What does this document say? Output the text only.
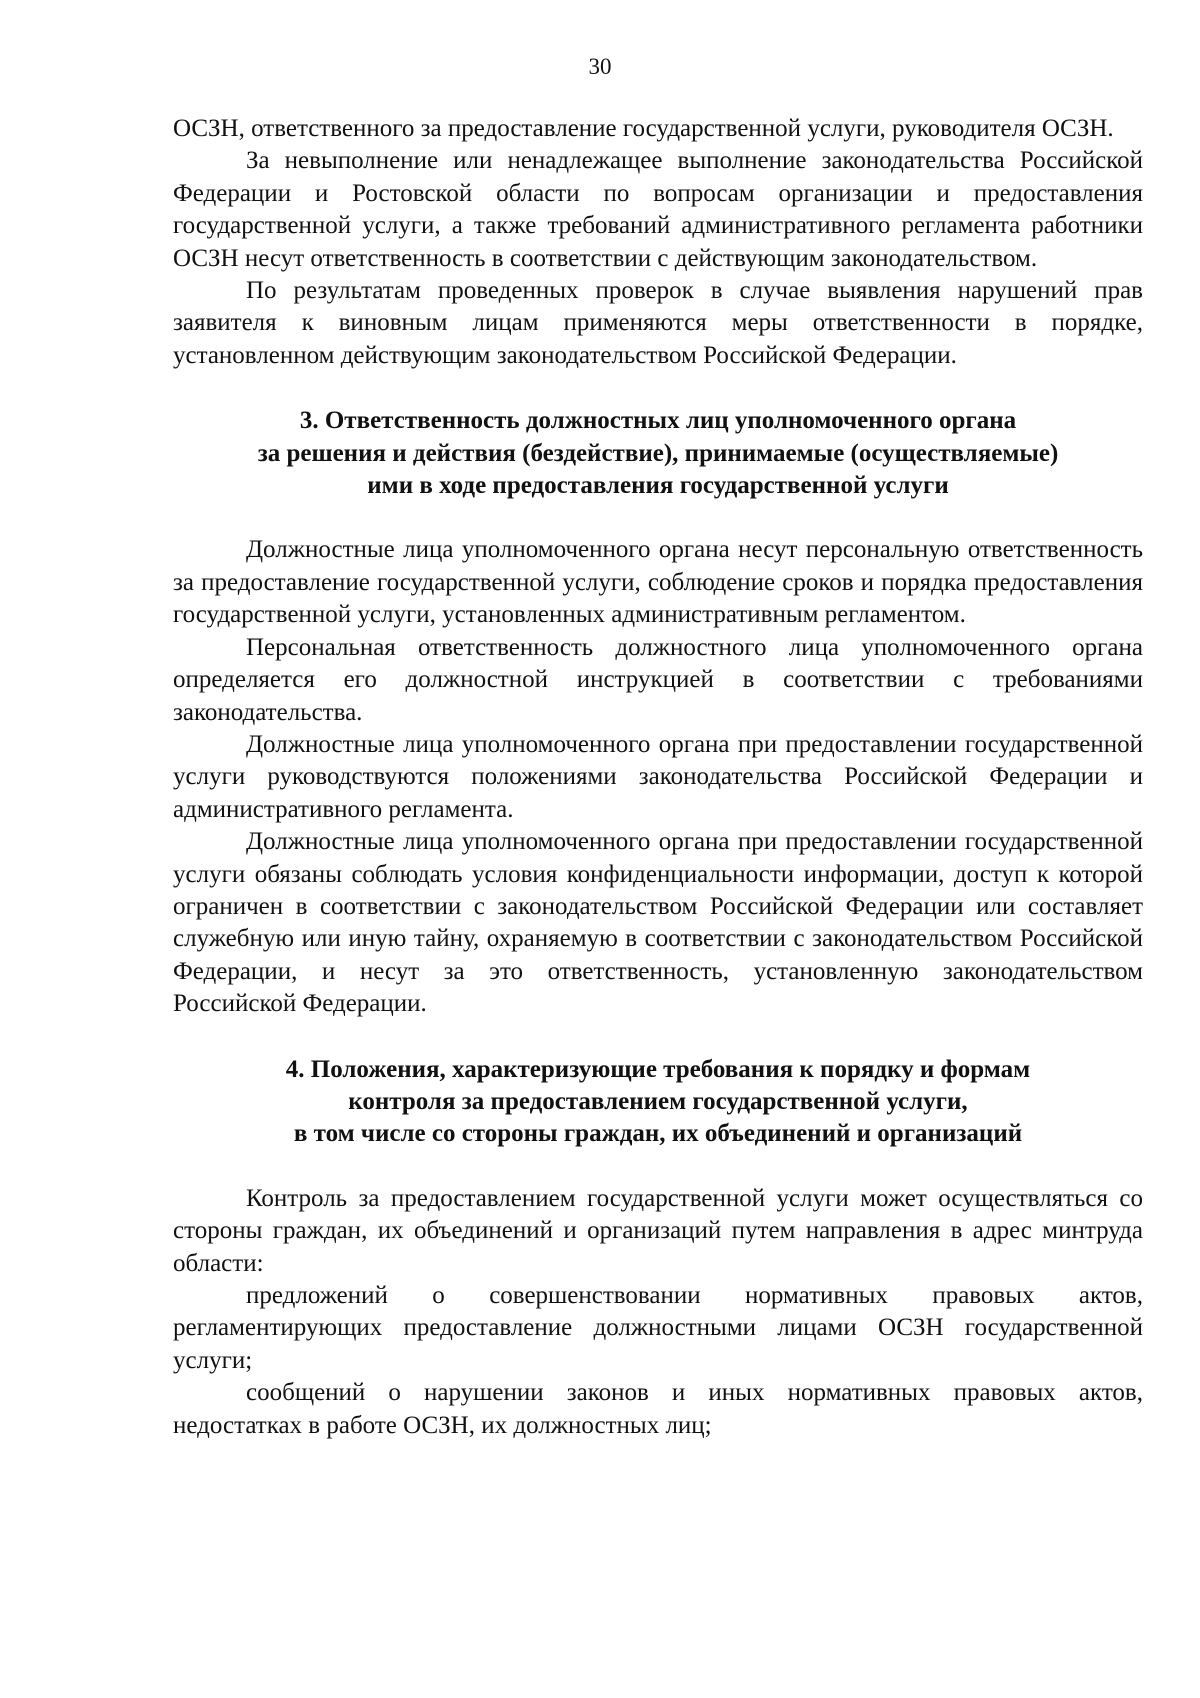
30

ОСЗН, ответственного за предоставление государственной услуги, руководителя ОСЗН.

За невыполнение или ненадлежащее выполнение законодательства Российской Федерации и Ростовской области по вопросам организации и предоставления государственной услуги, а также требований административного регламента работники ОСЗН несут ответственность в соответствии с действующим законодательством.

По результатам проведенных проверок в случае выявления нарушений прав заявителя к виновным лицам применяются меры ответственности в порядке, установленном действующим законодательством Российской Федерации.

3. Ответственность должностных лиц уполномоченного органа
за решения и действия (бездействие), принимаемые (осуществляемые)
ими в ходе предоставления государственной услуги

Должностные лица уполномоченного органа несут персональную ответственность за предоставление государственной услуги, соблюдение сроков и порядка предоставления государственной услуги, установленных административным регламентом.

Персональная ответственность должностного лица уполномоченного органа определяется его должностной инструкцией в соответствии с требованиями законодательства.

Должностные лица уполномоченного органа при предоставлении государственной услуги руководствуются положениями законодательства Российской Федерации и административного регламента.

Должностные лица уполномоченного органа при предоставлении государственной услуги обязаны соблюдать условия конфиденциальности информации, доступ к которой ограничен в соответствии с законодательством Российской Федерации или составляет служебную или иную тайну, охраняемую в соответствии с законодательством Российской Федерации, и несут за это ответственность, установленную законодательством Российской Федерации.

4. Положения, характеризующие требования к порядку и формам
контроля за предоставлением государственной услуги,
в том числе со стороны граждан, их объединений и организаций

Контроль за предоставлением государственной услуги может осуществляться со стороны граждан, их объединений и организаций путем направления в адрес минтруда области:

предложений о совершенствовании нормативных правовых актов, регламентирующих предоставление должностными лицами ОСЗН государственной услуги;

сообщений о нарушении законов и иных нормативных правовых актов, недостатках в работе ОСЗН, их должностных лиц;
